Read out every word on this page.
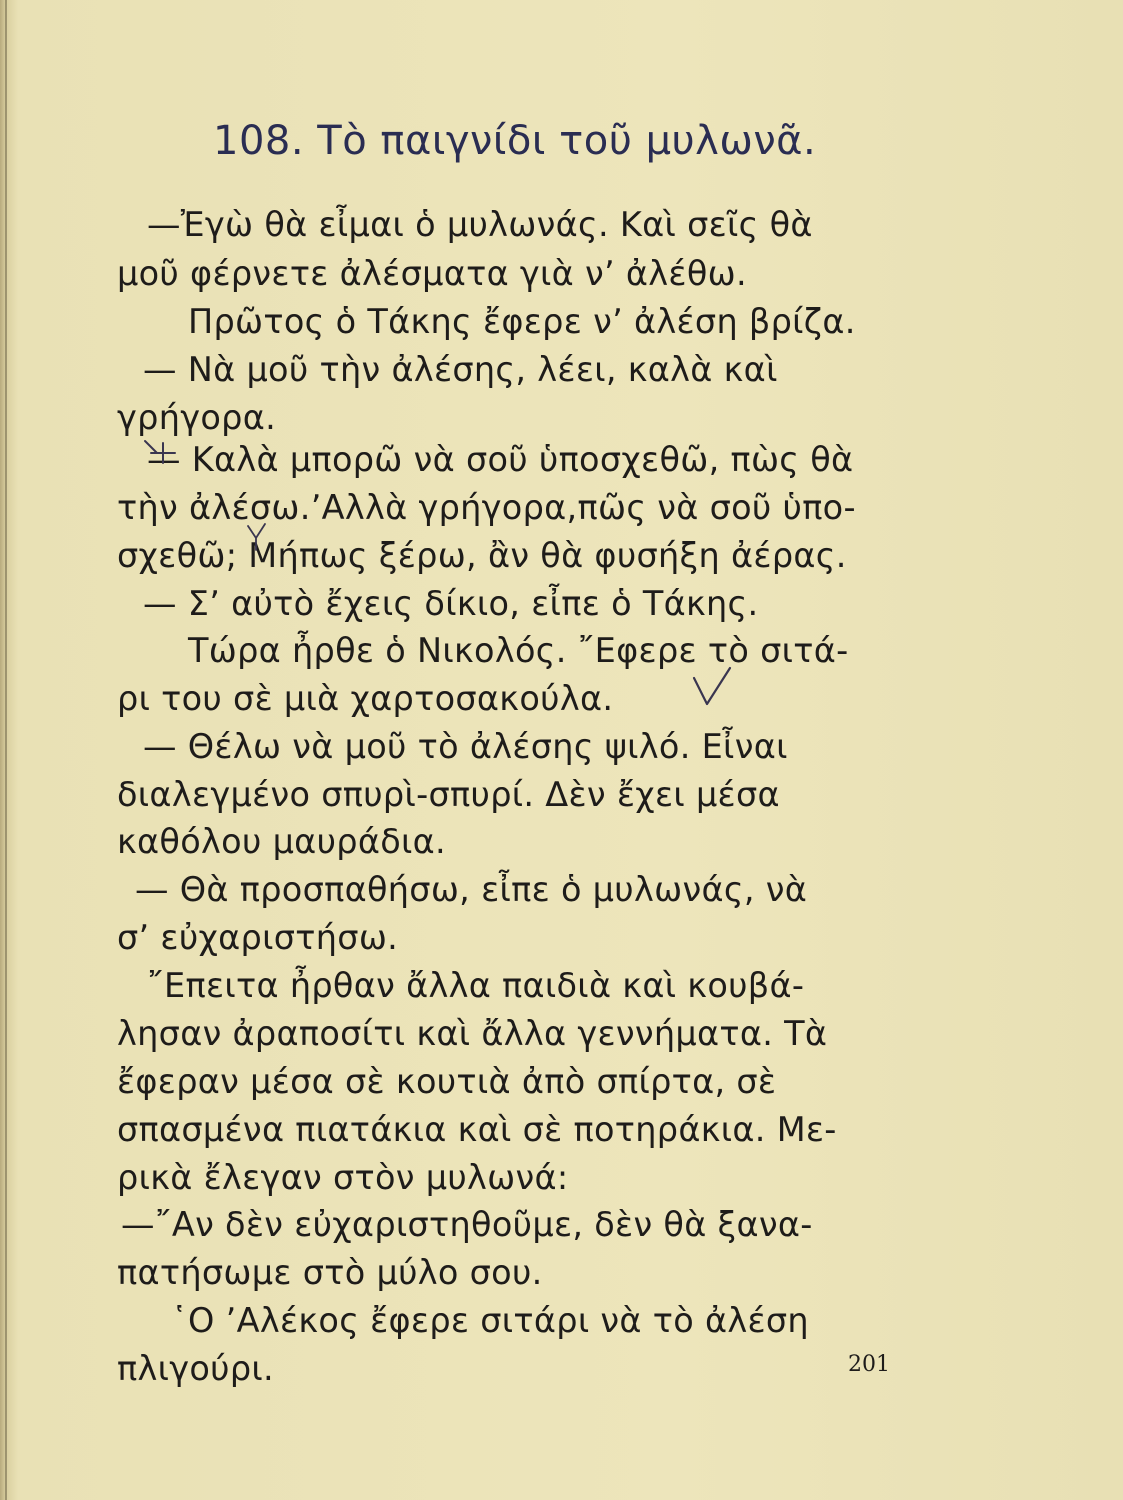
108. Τὸ παιγνίδι τοῦ μυλωνᾶ.
—Ἐγὼ θὰ εἶμαι ὁ μυλωνάς. Καὶ σεῖς θὰ
μοῦ φέρνετε ἀλέσματα γιὰ ν’ ἀλέθω.
Πρῶτος ὁ Τάκης ἔφερε ν’ ἀλέση βρίζα.
— Νὰ μοῦ τὴν ἀλέσης, λέει, καλὰ καὶ
γρήγορα.
— Καλὰ μπορῶ νὰ σοῦ ὑποσχεθῶ, πὼς θὰ
τὴν ἀλέσω.’Αλλὰ γρήγορα,πῶς νὰ σοῦ ὑπο-
σχεθῶ; Μήπως ξέρω, ἂν θὰ φυσήξη ἀέρας.
— Σ’ αὐτὸ ἔχεις δίκιο, εἶπε ὁ Τάκης.
Τώρα ἦρθε ὁ Νικολός. ῎Εφερε τὸ σιτά-
ρι του σὲ μιὰ χαρτοσακούλα.
— Θέλω νὰ μοῦ τὸ ἀλέσης ψιλό. Εἶναι
διαλεγμένο σπυρὶ-σπυρί. Δὲν ἔχει μέσα
καθόλου μαυράδια.
— Θὰ προσπαθήσω, εἶπε ὁ μυλωνάς, νὰ
σ’ εὐχαριστήσω.
῎Επειτα ἦρθαν ἄλλα παιδιὰ καὶ κουβά-
λησαν ἀραποσίτι καὶ ἄλλα γεννήματα. Τὰ
ἔφεραν μέσα σὲ κουτιὰ ἀπὸ σπίρτα, σὲ
σπασμένα πιατάκια καὶ σὲ ποτηράκια. Με-
ρικὰ ἔλεγαν στὸν μυλωνά:
—῎Αν δὲν εὐχαριστηθοῦμε, δὲν θὰ ξανα-
πατήσωμε στὸ μύλο σου.
῾Ο ’Αλέκος ἔφερε σιτάρι νὰ τὸ ἀλέση
πλιγούρι.	201
